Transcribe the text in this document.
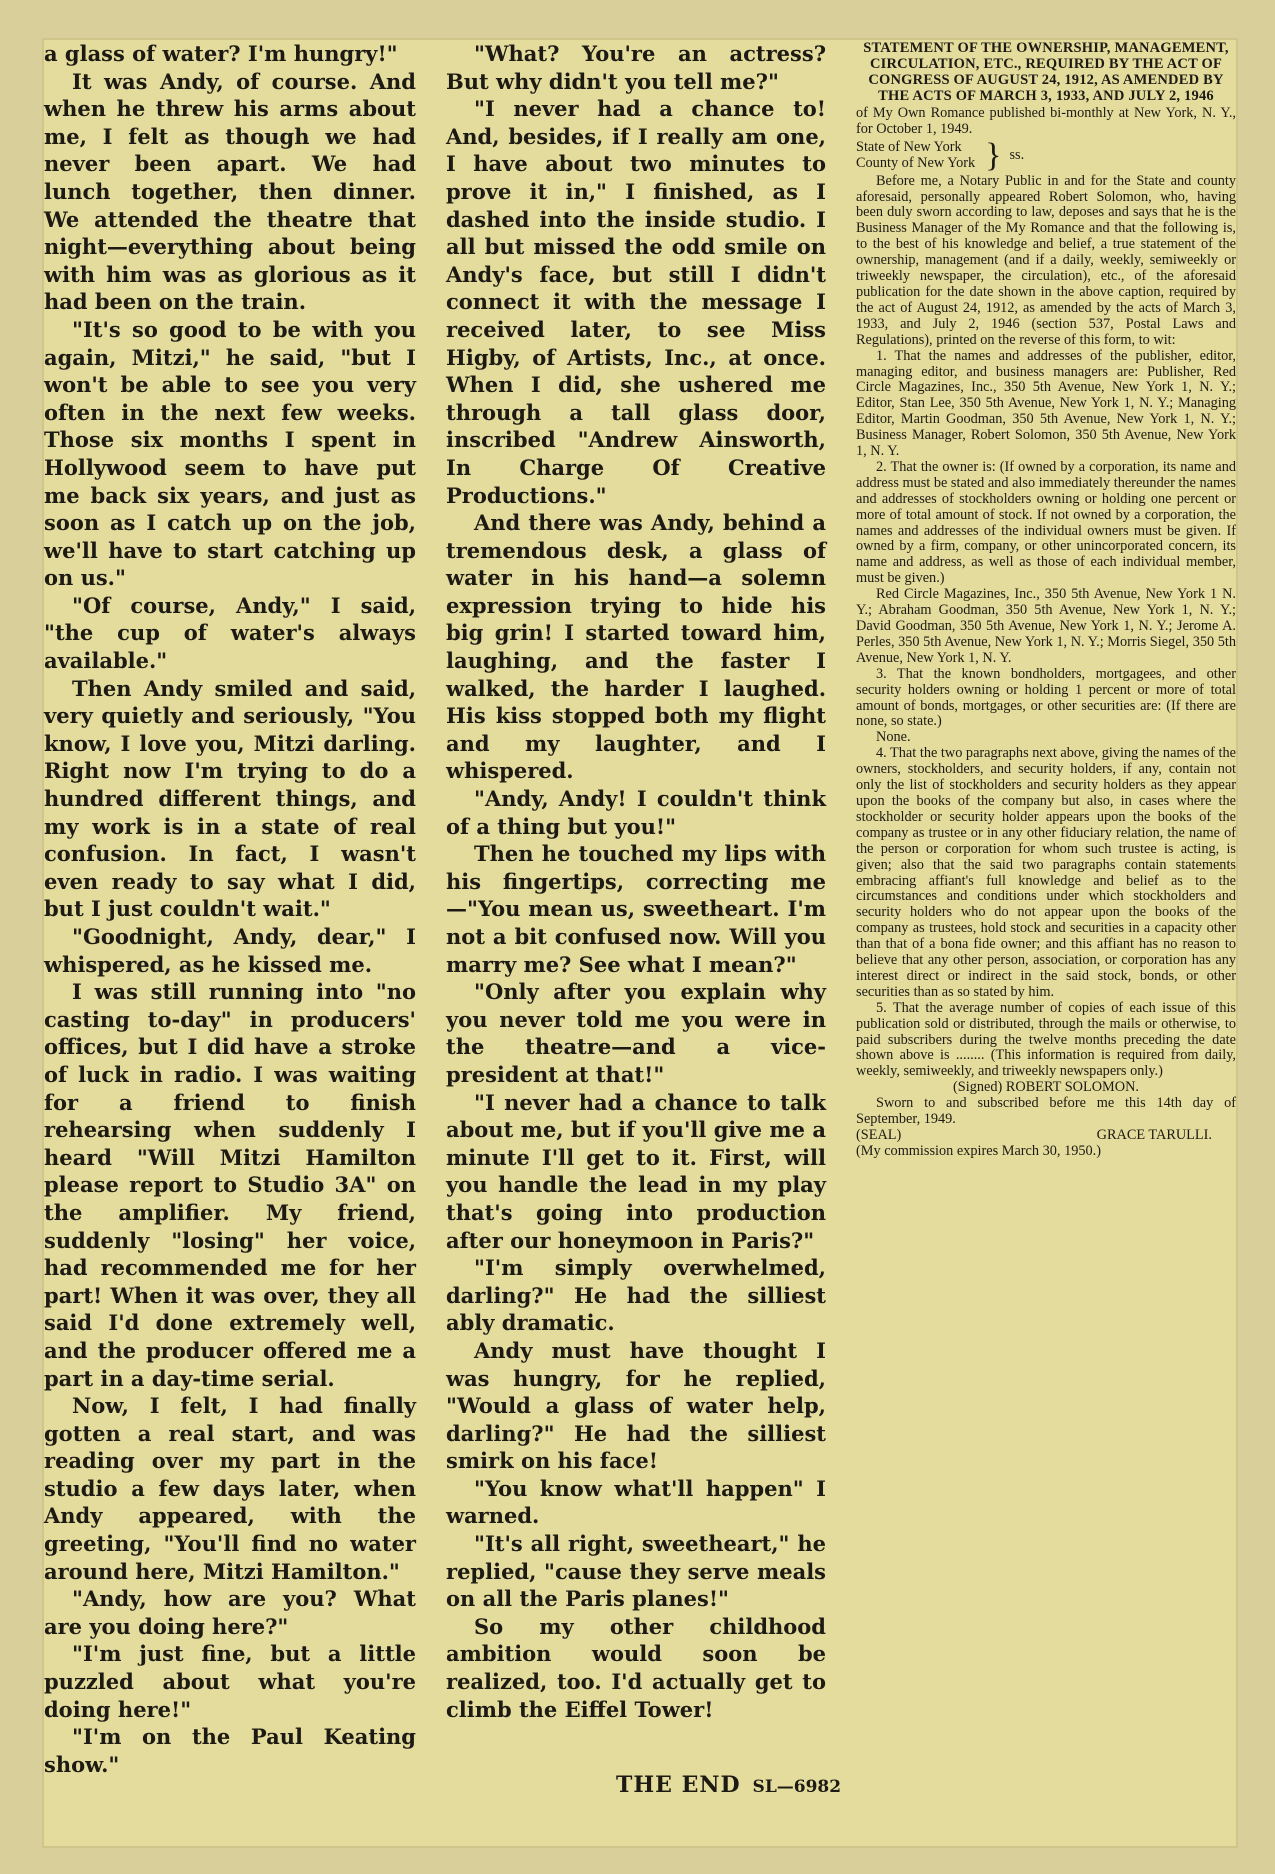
a glass of water? I'm hungry!"

It was Andy, of course. And when he threw his arms about me, I felt as though we had never been apart. We had lunch together, then dinner. We attended the theatre that night—everything about being with him was as glorious as it had been on the train.

"It's so good to be with you again, Mitzi," he said, "but I won't be able to see you very often in the next few weeks. Those six months I spent in Hollywood seem to have put me back six years, and just as soon as I catch up on the job, we'll have to start catching up on us."

"Of course, Andy," I said, "the cup of water's always available."

Then Andy smiled and said, very quietly and seriously, "You know, I love you, Mitzi darling. Right now I'm trying to do a hundred different things, and my work is in a state of real confusion. In fact, I wasn't even ready to say what I did, but I just couldn't wait."

"Goodnight, Andy, dear," I whispered, as he kissed me.

I was still running into "no casting to-day" in producers' offices, but I did have a stroke of luck in radio. I was waiting for a friend to finish rehearsing when suddenly I heard "Will Mitzi Hamilton please report to Studio 3A" on the amplifier. My friend, suddenly "losing" her voice, had recommended me for her part! When it was over, they all said I'd done extremely well, and the producer offered me a part in a day-time serial.

Now, I felt, I had finally gotten a real start, and was reading over my part in the studio a few days later, when Andy appeared, with the greeting, "You'll find no water around here, Mitzi Hamilton."

"Andy, how are you? What are you doing here?"

"I'm just fine, but a little puzzled about what you're doing here!"

"I'm on the Paul Keating show."

"What? You're an actress? But why didn't you tell me?"

"I never had a chance to! And, besides, if I really am one, I have about two minutes to prove it in," I finished, as I dashed into the inside studio. I all but missed the odd smile on Andy's face, but still I didn't connect it with the message I received later, to see Miss Higby, of Artists, Inc., at once. When I did, she ushered me through a tall glass door, inscribed "Andrew Ainsworth, In Charge Of Creative Productions."

And there was Andy, behind a tremendous desk, a glass of water in his hand—a solemn expression trying to hide his big grin! I started toward him, laughing, and the faster I walked, the harder I laughed. His kiss stopped both my flight and my laughter, and I whispered.

"Andy, Andy! I couldn't think of a thing but you!"

Then he touched my lips with his fingertips, correcting me—"You mean us, sweetheart. I'm not a bit confused now. Will you marry me? See what I mean?"

"Only after you explain why you never told me you were in the theatre—and a vice-president at that!"

"I never had a chance to talk about me, but if you'll give me a minute I'll get to it. First, will you handle the lead in my play that's going into production after our honeymoon in Paris?"

"I'm simply overwhelmed, darling?" He had the silliest ably dramatic.

Andy must have thought I was hungry, for he replied, "Would a glass of water help, darling?" He had the silliest smirk on his face!

"You know what'll happen" I warned.

"It's all right, sweetheart," he replied, "cause they serve meals on all the Paris planes!"

So my other childhood ambition would soon be realized, too. I'd actually get to climb the Eiffel Tower!

STATEMENT OF THE OWNERSHIP, MANAGEMENT, CIRCULATION, ETC., REQUIRED BY THE ACT OF CONGRESS OF AUGUST 24, 1912, AS AMENDED BY THE ACTS OF MARCH 3, 1933, AND JULY 2, 1946

of My Own Romance published bi-monthly at New York, N. Y., for October 1, 1949.

State of New York
County of New York } ss.

Before me, a Notary Public in and for the State and county aforesaid, personally appeared Robert Solomon, who, having been duly sworn according to law, deposes and says that he is the Business Manager of the My Romance and that the following is, to the best of his knowledge and belief, a true statement of the ownership, management (and if a daily, weekly, semiweekly or triweekly newspaper, the circulation), etc., of the aforesaid publication for the date shown in the above caption, required by the act of August 24, 1912, as amended by the acts of March 3, 1933, and July 2, 1946 (section 537, Postal Laws and Regulations), printed on the reverse of this form, to wit:

1. That the names and addresses of the publisher, editor, managing editor, and business managers are: Publisher, Red Circle Magazines, Inc., 350 5th Avenue, New York 1, N. Y.; Editor, Stan Lee, 350 5th Avenue, New York 1, N. Y.; Managing Editor, Martin Goodman, 350 5th Avenue, New York 1, N. Y.; Business Manager, Robert Solomon, 350 5th Avenue, New York 1, N. Y.

2. That the owner is: (If owned by a corporation, its name and address must be stated and also immediately thereunder the names and addresses of stockholders owning or holding one percent or more of total amount of stock. If not owned by a corporation, the names and addresses of the individual owners must be given. If owned by a firm, company, or other unincorporated concern, its name and address, as well as those of each individual member, must be given.)

Red Circle Magazines, Inc., 350 5th Avenue, New York 1 N. Y.; Abraham Goodman, 350 5th Avenue, New York 1, N. Y.; David Goodman, 350 5th Avenue, New York 1, N. Y.; Jerome A. Perles, 350 5th Avenue, New York 1, N. Y.; Morris Siegel, 350 5th Avenue, New York 1, N. Y.

3. That the known bondholders, mortgagees, and other security holders owning or holding 1 percent or more of total amount of bonds, mortgages, or other securities are: (If there are none, so state.)

None.

4. That the two paragraphs next above, giving the names of the owners, stockholders, and security holders, if any, contain not only the list of stockholders and security holders as they appear upon the books of the company but also, in cases where the stockholder or security holder appears upon the books of the company as trustee or in any other fiduciary relation, the name of the person or corporation for whom such trustee is acting, is given; also that the said two paragraphs contain statements embracing affiant's full knowledge and belief as to the circumstances and conditions under which stockholders and security holders who do not appear upon the books of the company as trustees, hold stock and securities in a capacity other than that of a bona fide owner; and this affiant has no reason to believe that any other person, association, or corporation has any interest direct or indirect in the said stock, bonds, or other securities than as so stated by him.

5. That the average number of copies of each issue of this publication sold or distributed, through the mails or otherwise, to paid subscribers during the twelve months preceding the date shown above is ........ (This information is required from daily, weekly, semiweekly, and triweekly newspapers only.)

(Signed) ROBERT SOLOMON.

Sworn to and subscribed before me this 14th day of September, 1949.

(SEAL)	GRACE TARULLI.

(My commission expires March 30, 1950.)

THE END SL—6982
